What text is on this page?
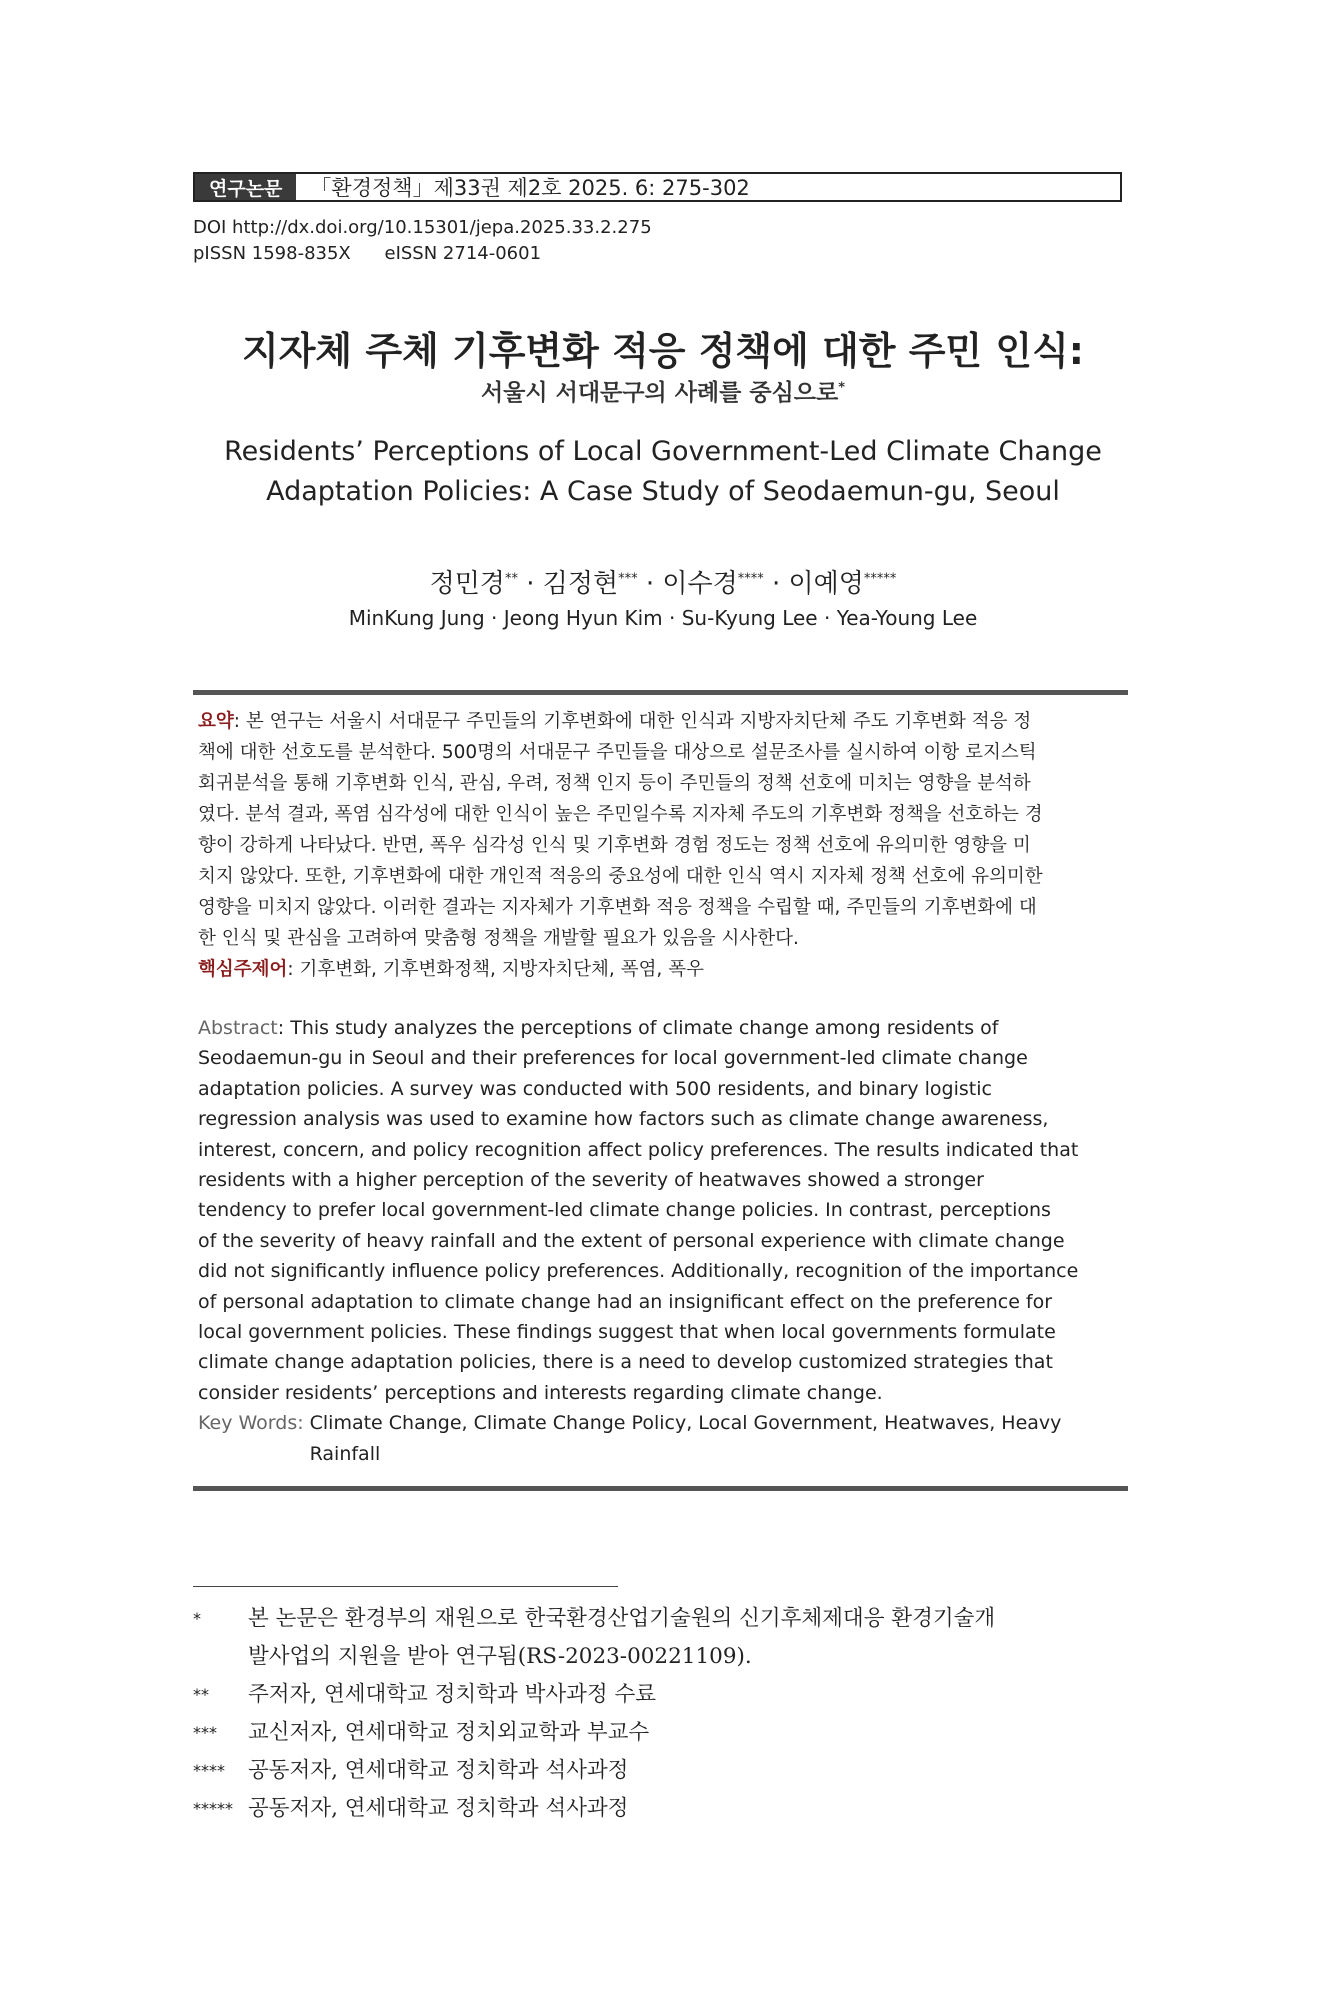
연구논문	「환경정책」제33권 제2호 2025. 6: 275-302
DOI http://dx.doi.org/10.15301/jepa.2025.33.2.275
pISSN 1598-835X eISSN 2714-0601
지자체 주체 기후변화 적응 정책에 대한 주민 인식:
서울시 서대문구의 사례를 중심으로*
Residents’ Perceptions of Local Government-Led Climate Change
Adaptation Policies: A Case Study of Seodaemun-gu, Seoul
정민경** · 김정현*** · 이수경**** · 이예영*****
MinKung Jung · Jeong Hyun Kim · Su-Kyung Lee · Yea-Young Lee
요약: 본 연구는 서울시 서대문구 주민들의 기후변화에 대한 인식과 지방자치단체 주도 기후변화 적응 정
책에 대한 선호도를 분석한다. 500명의 서대문구 주민들을 대상으로 설문조사를 실시하여 이항 로지스틱
회귀분석을 통해 기후변화 인식, 관심, 우려, 정책 인지 등이 주민들의 정책 선호에 미치는 영향을 분석하
였다. 분석 결과, 폭염 심각성에 대한 인식이 높은 주민일수록 지자체 주도의 기후변화 정책을 선호하는 경
향이 강하게 나타났다. 반면, 폭우 심각성 인식 및 기후변화 경험 정도는 정책 선호에 유의미한 영향을 미
치지 않았다. 또한, 기후변화에 대한 개인적 적응의 중요성에 대한 인식 역시 지자체 정책 선호에 유의미한
영향을 미치지 않았다. 이러한 결과는 지자체가 기후변화 적응 정책을 수립할 때, 주민들의 기후변화에 대
한 인식 및 관심을 고려하여 맞춤형 정책을 개발할 필요가 있음을 시사한다.
핵심주제어: 기후변화, 기후변화정책, 지방자치단체, 폭염, 폭우
Abstract: This study analyzes the perceptions of climate change among residents of
Seodaemun-gu in Seoul and their preferences for local government-led climate change
adaptation policies. A survey was conducted with 500 residents, and binary logistic
regression analysis was used to examine how factors such as climate change awareness,
interest, concern, and policy recognition affect policy preferences. The results indicated that
residents with a higher perception of the severity of heatwaves showed a stronger
tendency to prefer local government-led climate change policies. In contrast, perceptions
of the severity of heavy rainfall and the extent of personal experience with climate change
did not significantly influence policy preferences. Additionally, recognition of the importance
of personal adaptation to climate change had an insignificant effect on the preference for
local government policies. These findings suggest that when local governments formulate
climate change adaptation policies, there is a need to develop customized strategies that
consider residents’ perceptions and interests regarding climate change.
Key Words: Climate Change, Climate Change Policy, Local Government, Heatwaves, Heavy
Rainfall
*	본 논문은 환경부의 재원으로 한국환경산업기술원의 신기후체제대응 환경기술개
발사업의 지원을 받아 연구됨(RS-2023-00221109).
**	주저자, 연세대학교 정치학과 박사과정 수료
***	교신저자, 연세대학교 정치외교학과 부교수
****	공동저자, 연세대학교 정치학과 석사과정
***** 공동저자, 연세대학교 정치학과 석사과정
